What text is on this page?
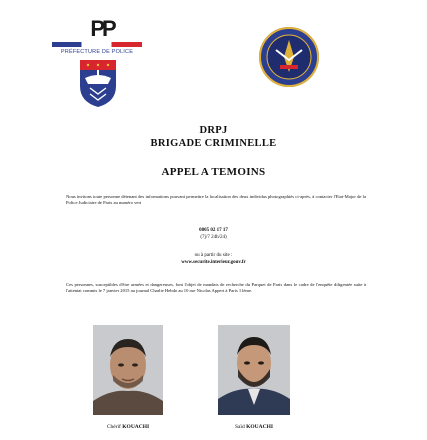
PP
PRÉFECTURE DE POLICE
DRPJ
BRIGADE CRIMINELLE
APPEL A TEMOINS
Nous invitons toute personne détenant des informations pouvant permettre la localisation des deux individus photographiés ci-après, à contacter l'Etat-Major de la Police Judiciaire de Paris au numéro vert
0805 02 17 17
(7j/7 24h/24)
ou à partir du site :
www.securite.interieur.gouv.fr
Ces personnes, susceptibles d'être armées et dangereuses, font l'objet de mandats de recherche du Parquet de Paris dans le cadre de l'enquête diligentée suite à l'attentat commis le 7 janvier 2015 au journal Charlie Hebdo au 10 rue Nicolas Appert à Paris 11ème.
Chérif KOUACHI	Saïd KOUACHI
